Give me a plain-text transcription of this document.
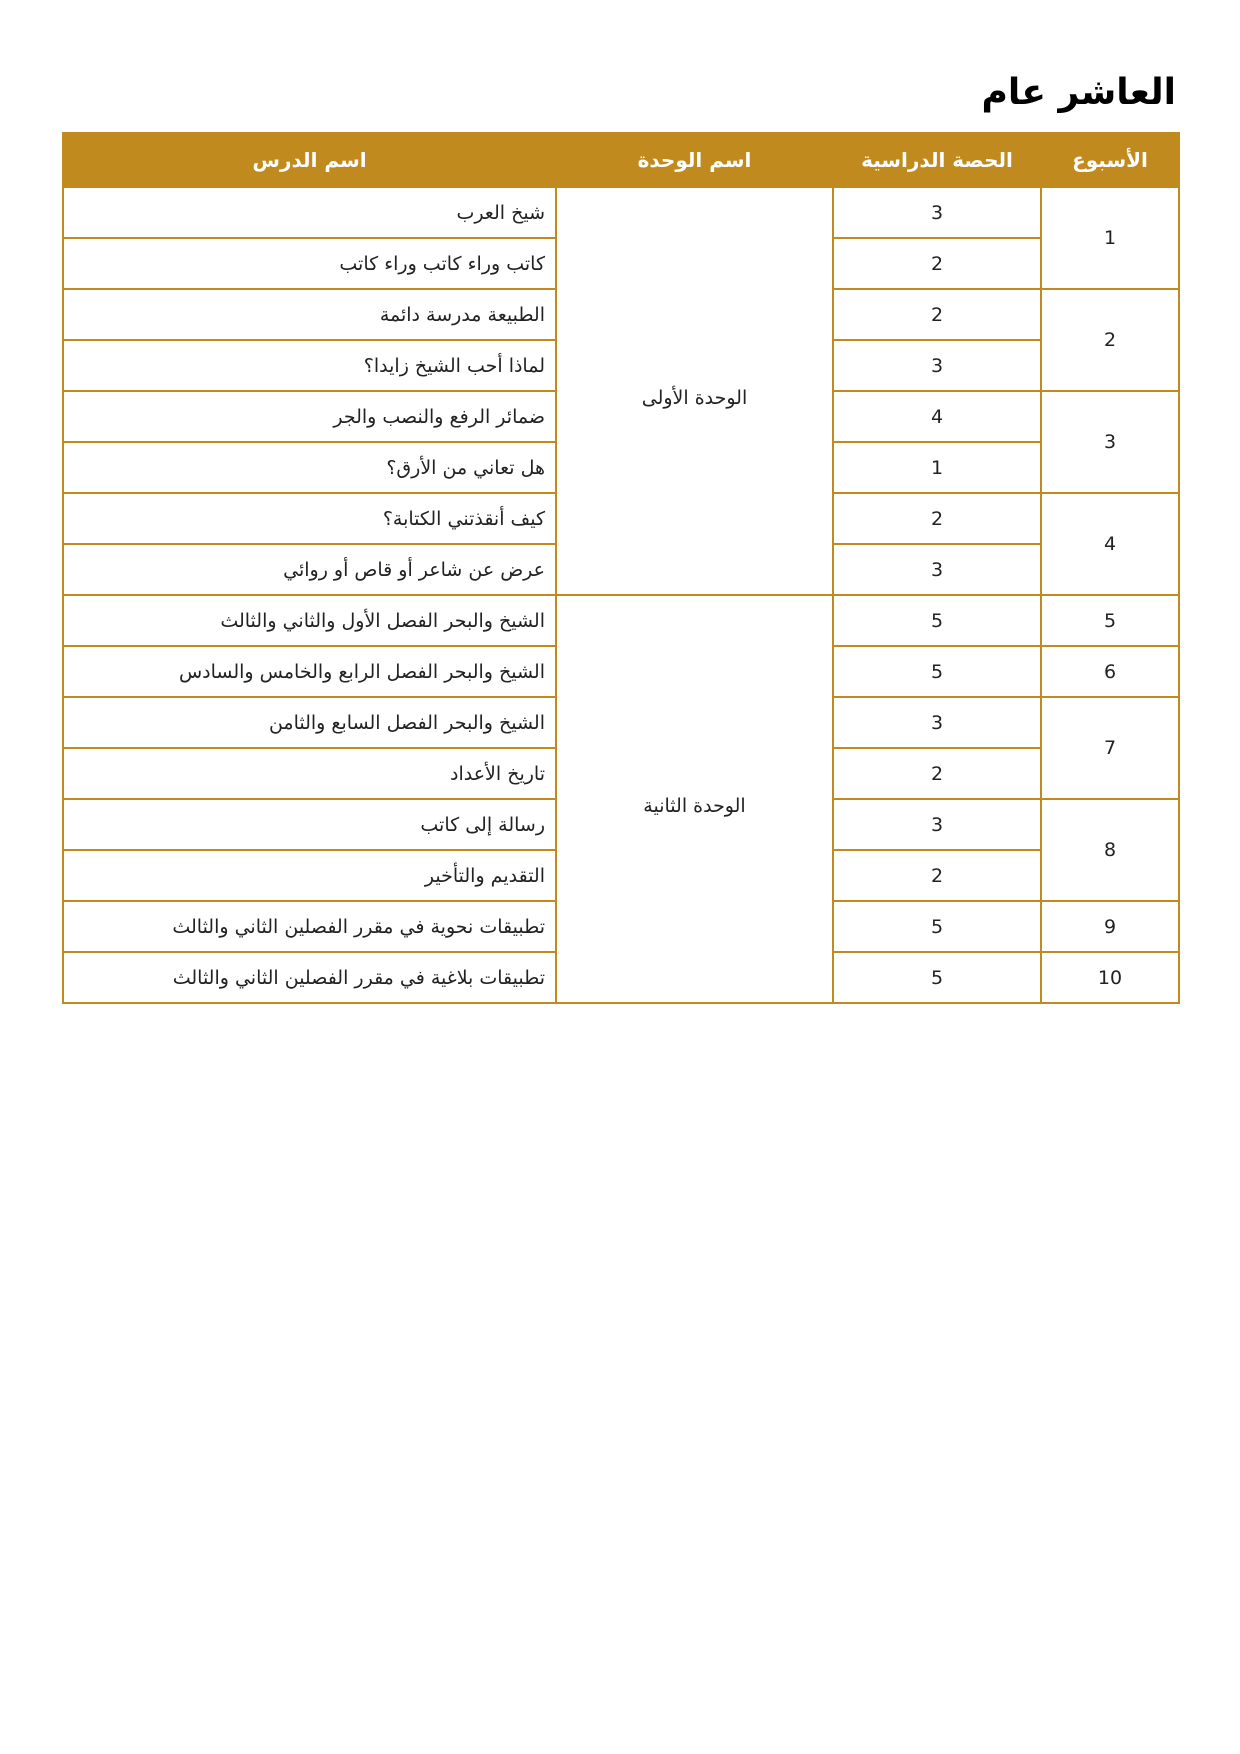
العاشر عام
الأسبوع	الحصة الدراسية	اسم الوحدة	اسم الدرس
1	3	الوحدة الأولى	شيخ العرب
	2		كاتب وراء كاتب وراء كاتب
2	2		الطبيعة مدرسة دائمة
	3		لماذا أحب الشيخ زايدا؟
3	4		ضمائر الرفع والنصب والجر
	1		هل تعاني من الأرق؟
4	2		كيف أنقذتني الكتابة؟
	3		عرض عن شاعر أو قاص أو روائي
5	5	الوحدة الثانية	الشيخ والبحر الفصل الأول والثاني والثالث
6	5		الشيخ والبحر الفصل الرابع والخامس والسادس
7	3		الشيخ والبحر الفصل السابع والثامن
	2		تاريخ الأعداد
8	3		رسالة إلى كاتب
	2		التقديم والتأخير
9	5		تطبيقات نحوية في مقرر الفصلين الثاني والثالث
10	5		تطبيقات بلاغية في مقرر الفصلين الثاني والثالث
